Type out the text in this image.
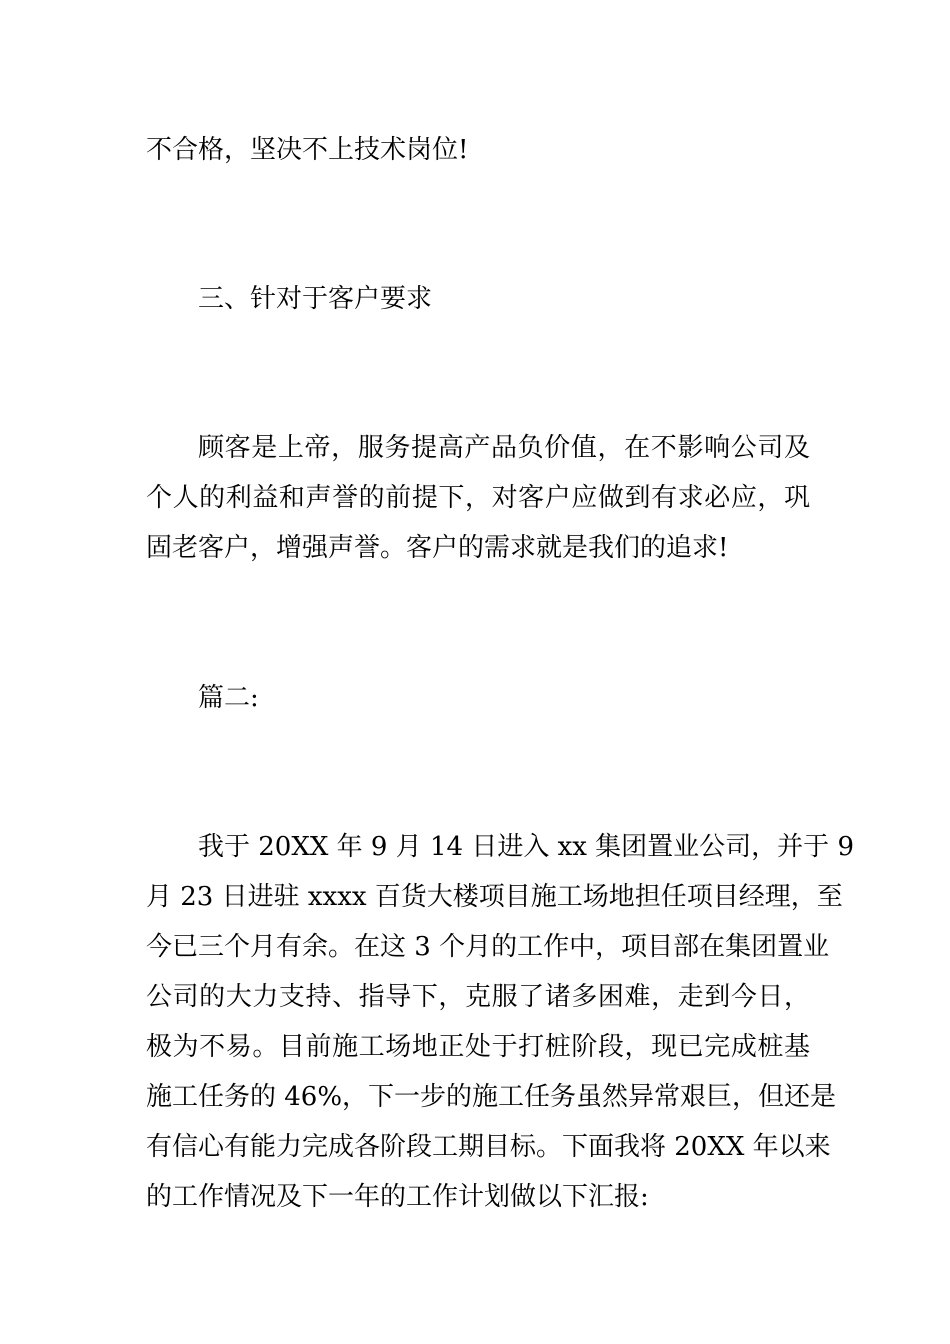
不合格，坚决不上技术岗位!
三、针对于客户要求
顾客是上帝，服务提高产品负价值，在不影响公司及
个人的利益和声誉的前提下，对客户应做到有求必应，巩
固老客户，增强声誉。客户的需求就是我们的追求!
篇二:
我于 20XX 年 9 月 14 日进入 xx 集团置业公司，并于 9
月 23 日进驻 xxxx 百货大楼项目施工场地担任项目经理，至
今已三个月有余。在这 3 个月的工作中，项目部在集团置业
公司的大力支持、指导下，克服了诸多困难，走到今日，
极为不易。目前施工场地正处于打桩阶段，现已完成桩基
施工任务的 46%，下一步的施工任务虽然异常艰巨，但还是
有信心有能力完成各阶段工期目标。下面我将 20XX 年以来
的工作情况及下一年的工作计划做以下汇报:
